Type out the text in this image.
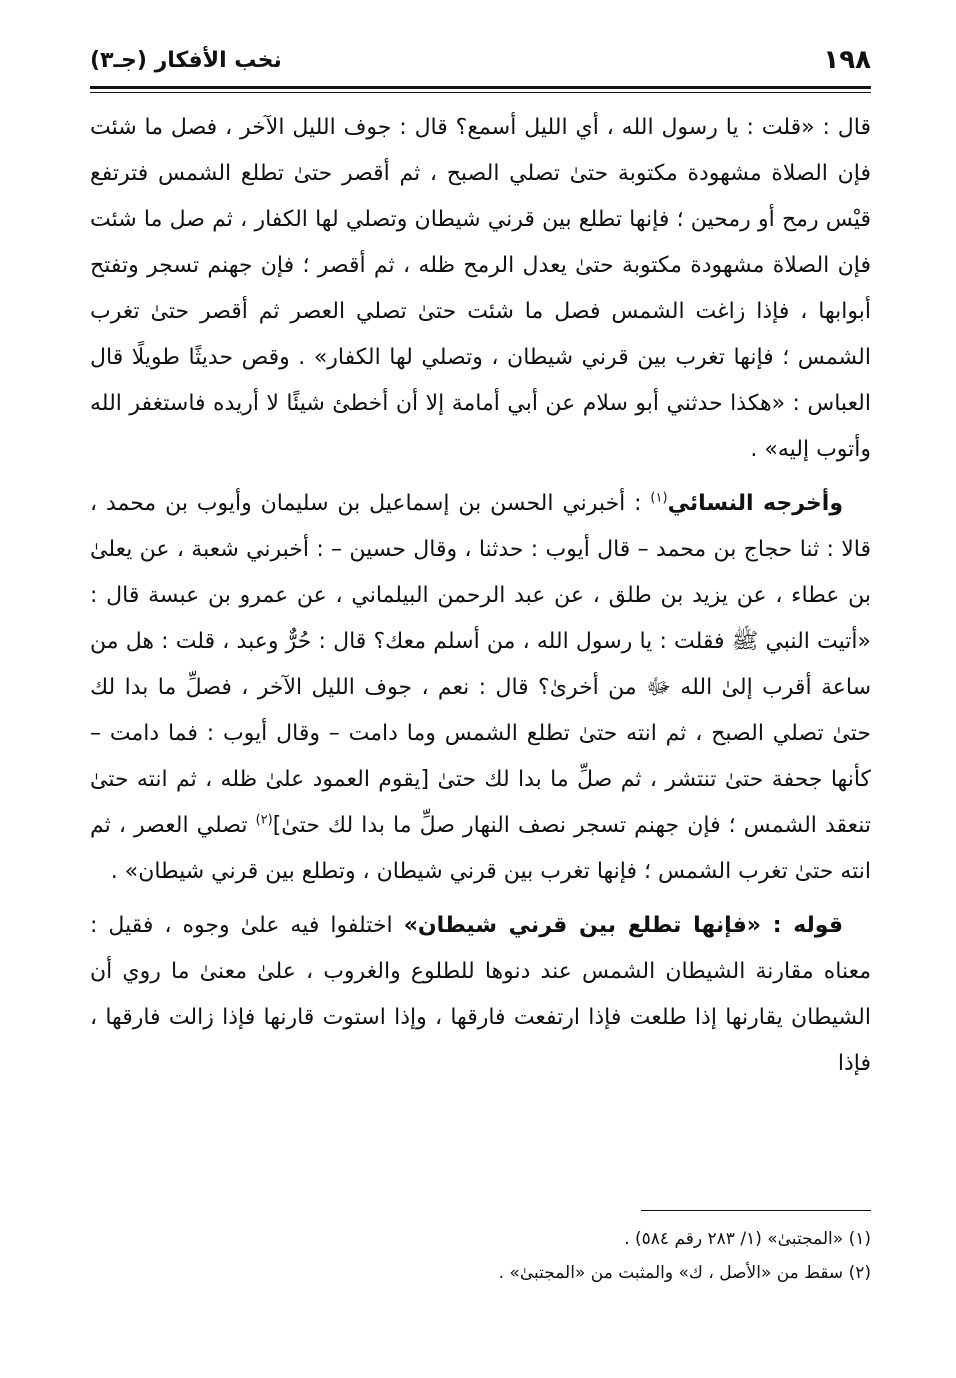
١٩٨
نخب الأفكار (جـ٣)

قال : «قلت : يا رسول الله ، أي الليل أسمع؟ قال : جوف الليل الآخر ، فصل ما شئت فإن الصلاة مشهودة مكتوبة حتىٰ تصلي الصبح ، ثم أقصر حتىٰ تطلع الشمس فترتفع قيْس رمح أو رمحين ؛ فإنها تطلع بين قرني شيطان وتصلي لها الكفار ، ثم صل ما شئت فإن الصلاة مشهودة مكتوبة حتىٰ يعدل الرمح ظله ، ثم أقصر ؛ فإن جهنم تسجر وتفتح أبوابها ، فإذا زاغت الشمس فصل ما شئت حتىٰ تصلي العصر ثم أقصر حتىٰ تغرب الشمس ؛ فإنها تغرب بين قرني شيطان ، وتصلي لها الكفار» . وقص حديثًا طويلًا قال العباس : «هكذا حدثني أبو سلام عن أبي أمامة إلا أن أخطئ شيئًا لا أريده فاستغفر الله وأتوب إليه» .

وأخرجه النسائي$^{(١)}$ : أخبرني الحسن بن إسماعيل بن سليمان وأيوب بن محمد ، قالا : ثنا حجاج بن محمد – قال أيوب : حدثنا ، وقال حسين – : أخبرني شعبة ، عن يعلىٰ بن عطاء ، عن يزيد بن طلق ، عن عبد الرحمن البيلماني ، عن عمرو بن عبسة قال : «أتيت النبي ﷺ فقلت : يا رسول الله ، من أسلم معك؟ قال : حُرٌّ وعبد ، قلت : هل من ساعة أقرب إلىٰ الله ﷻ من أخرىٰ؟ قال : نعم ، جوف الليل الآخر ، فصلِّ ما بدا لك حتىٰ تصلي الصبح ، ثم انته حتىٰ تطلع الشمس وما دامت – وقال أيوب : فما دامت – كأنها جحفة حتىٰ تنتشر ، ثم صلِّ ما بدا لك حتىٰ [يقوم العمود علىٰ ظله ، ثم انته حتىٰ تنعقد الشمس ؛ فإن جهنم تسجر نصف النهار صلِّ ما بدا لك حتىٰ]$^{(٢)}$ تصلي العصر ، ثم انته حتىٰ تغرب الشمس ؛ فإنها تغرب بين قرني شيطان ، وتطلع بين قرني شيطان» .

قوله : «فإنها تطلع بين قرني شيطان» اختلفوا فيه علىٰ وجوه ، فقيل : معناه مقارنة الشيطان الشمس عند دنوها للطلوع والغروب ، علىٰ معنىٰ ما روي أن الشيطان يقارنها إذا طلعت فإذا ارتفعت فارقها ، وإذا استوت قارنها فإذا زالت فارقها ، فإذا

(١) «المجتبىٰ» (١/ ٢٨٣ رقم ٥٨٤) .

(٢) سقط من «الأصل ، ك» والمثبت من «المجتبىٰ» .
